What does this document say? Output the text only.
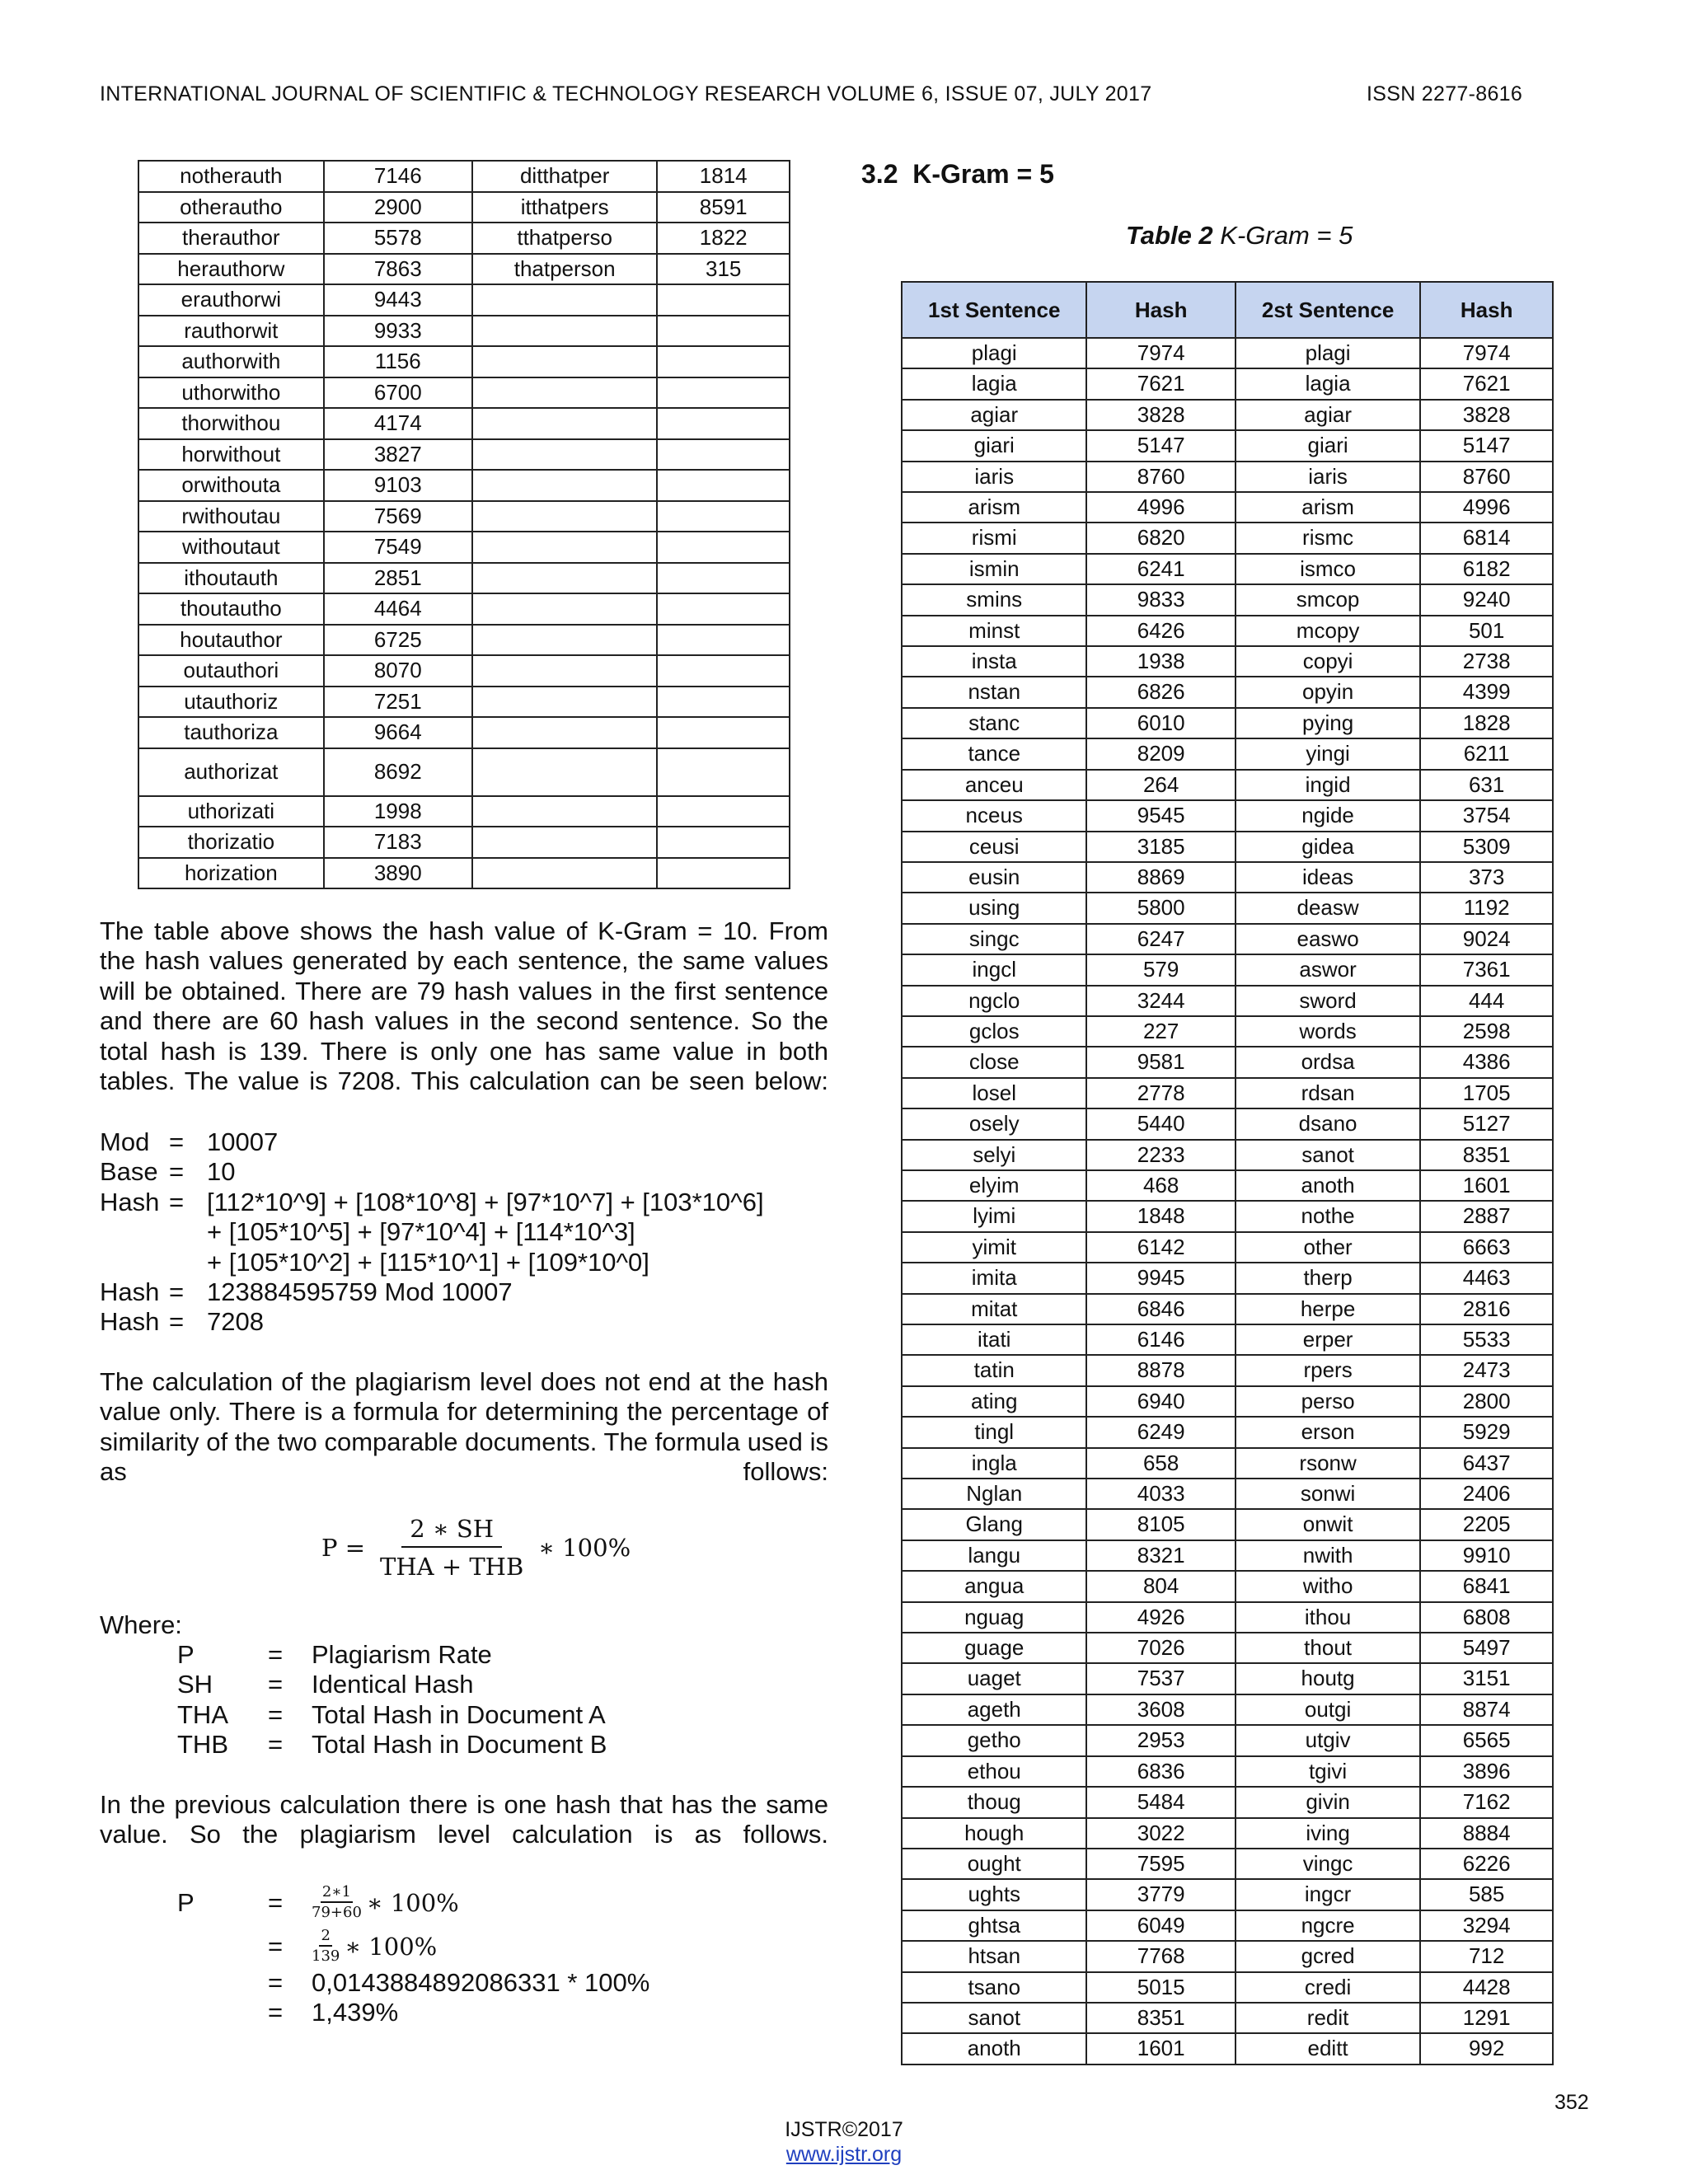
INTERNATIONAL JOURNAL OF SCIENTIFIC & TECHNOLOGY RESEARCH VOLUME 6, ISSUE 07, JULY 2017	ISSN 2277-8616
notherauth	7146	ditthatper	1814
otherautho	2900	itthatpers	8591
therauthor	5578	tthatperso	1822
herauthorw	7863	thatperson	315
erauthorwi	9443		
rauthorwit	9933		
authorwith	1156		
uthorwitho	6700		
thorwithou	4174		
horwithout	3827		
orwithouta	9103		
rwithoutau	7569		
withoutaut	7549		
ithoutauth	2851		
thoutautho	4464		
houtauthor	6725		
outauthori	8070		
utauthoriz	7251		
tauthoriza	9664		
authorizat	8692		
uthorizati	1998		
thorizatio	7183		
horization	3890		
The table above shows the hash value of K-Gram = 10. From the hash values generated by each sentence, the same values will be obtained. There are 79 hash values in the first sentence and there are 60 hash values in the second sentence. So the total hash is 139. There is only one has same value in both tables. The value is 7208. This calculation can be seen below:
Mod = 10007
Base = 10
Hash = [112*10^9] + [108*10^8] + [97*10^7] + [103*10^6]
+ [105*10^5] + [97*10^4] + [114*10^3]
+ [105*10^2] + [115*10^1] + [109*10^0]
Hash = 123884595759 Mod 10007
Hash = 7208
The calculation of the plagiarism level does not end at the hash value only. There is a formula for determining the percentage of similarity of the two comparable documents. The formula used is as follows:
$P = \frac{2 ∗ SH}{\text{THA + THB}}$ ∗ 100%
Where:
P	=	Plagiarism Rate
SH	=	Identical Hash
THA	=	Total Hash in Document A
THB	=	Total Hash in Document B
In the previous calculation there is one hash that has the same value. So the plagiarism level calculation is as follows.
P	=	$\frac{2∗1}{79+60}$ ∗ 100%
=	$\frac{2}{139}$ ∗ 100%
=	0,0143884892086331 * 100%
=	1,439%
3.2 K-Gram = 5
Table 2 K-Gram = 5
1st Sentence	Hash	2st Sentence	Hash
plagi	7974	plagi	7974
lagia	7621	lagia	7621
agiar	3828	agiar	3828
giari	5147	giari	5147
iaris	8760	iaris	8760
arism	4996	arism	4996
rismi	6820	rismc	6814
ismin	6241	ismco	6182
smins	9833	smcop	9240
minst	6426	mcopy	501
insta	1938	copyi	2738
nstan	6826	opyin	4399
stanc	6010	pying	1828
tance	8209	yingi	6211
anceu	264	ingid	631
nceus	9545	ngide	3754
ceusi	3185	gidea	5309
eusin	8869	ideas	373
using	5800	deasw	1192
singc	6247	easwo	9024
ingcl	579	aswor	7361
ngclo	3244	sword	444
gclos	227	words	2598
close	9581	ordsa	4386
losel	2778	rdsan	1705
osely	5440	dsano	5127
selyi	2233	sanot	8351
elyim	468	anoth	1601
lyimi	1848	nothe	2887
yimit	6142	other	6663
imita	9945	therp	4463
mitat	6846	herpe	2816
itati	6146	erper	5533
tatin	8878	rpers	2473
ating	6940	perso	2800
tingl	6249	erson	5929
ingla	658	rsonw	6437
Nglan	4033	sonwi	2406
Glang	8105	onwit	2205
langu	8321	nwith	9910
angua	804	witho	6841
nguag	4926	ithou	6808
guage	7026	thout	5497
uaget	7537	houtg	3151
ageth	3608	outgi	8874
getho	2953	utgiv	6565
ethou	6836	tgivi	3896
thoug	5484	givin	7162
hough	3022	iving	8884
ought	7595	vingc	6226
ughts	3779	ingcr	585
ghtsa	6049	ngcre	3294
htsan	7768	gcred	712
tsano	5015	credi	4428
sanot	8351	redit	1291
anoth	1601	editt	992
352
IJSTR©2017
www.ijstr.org
